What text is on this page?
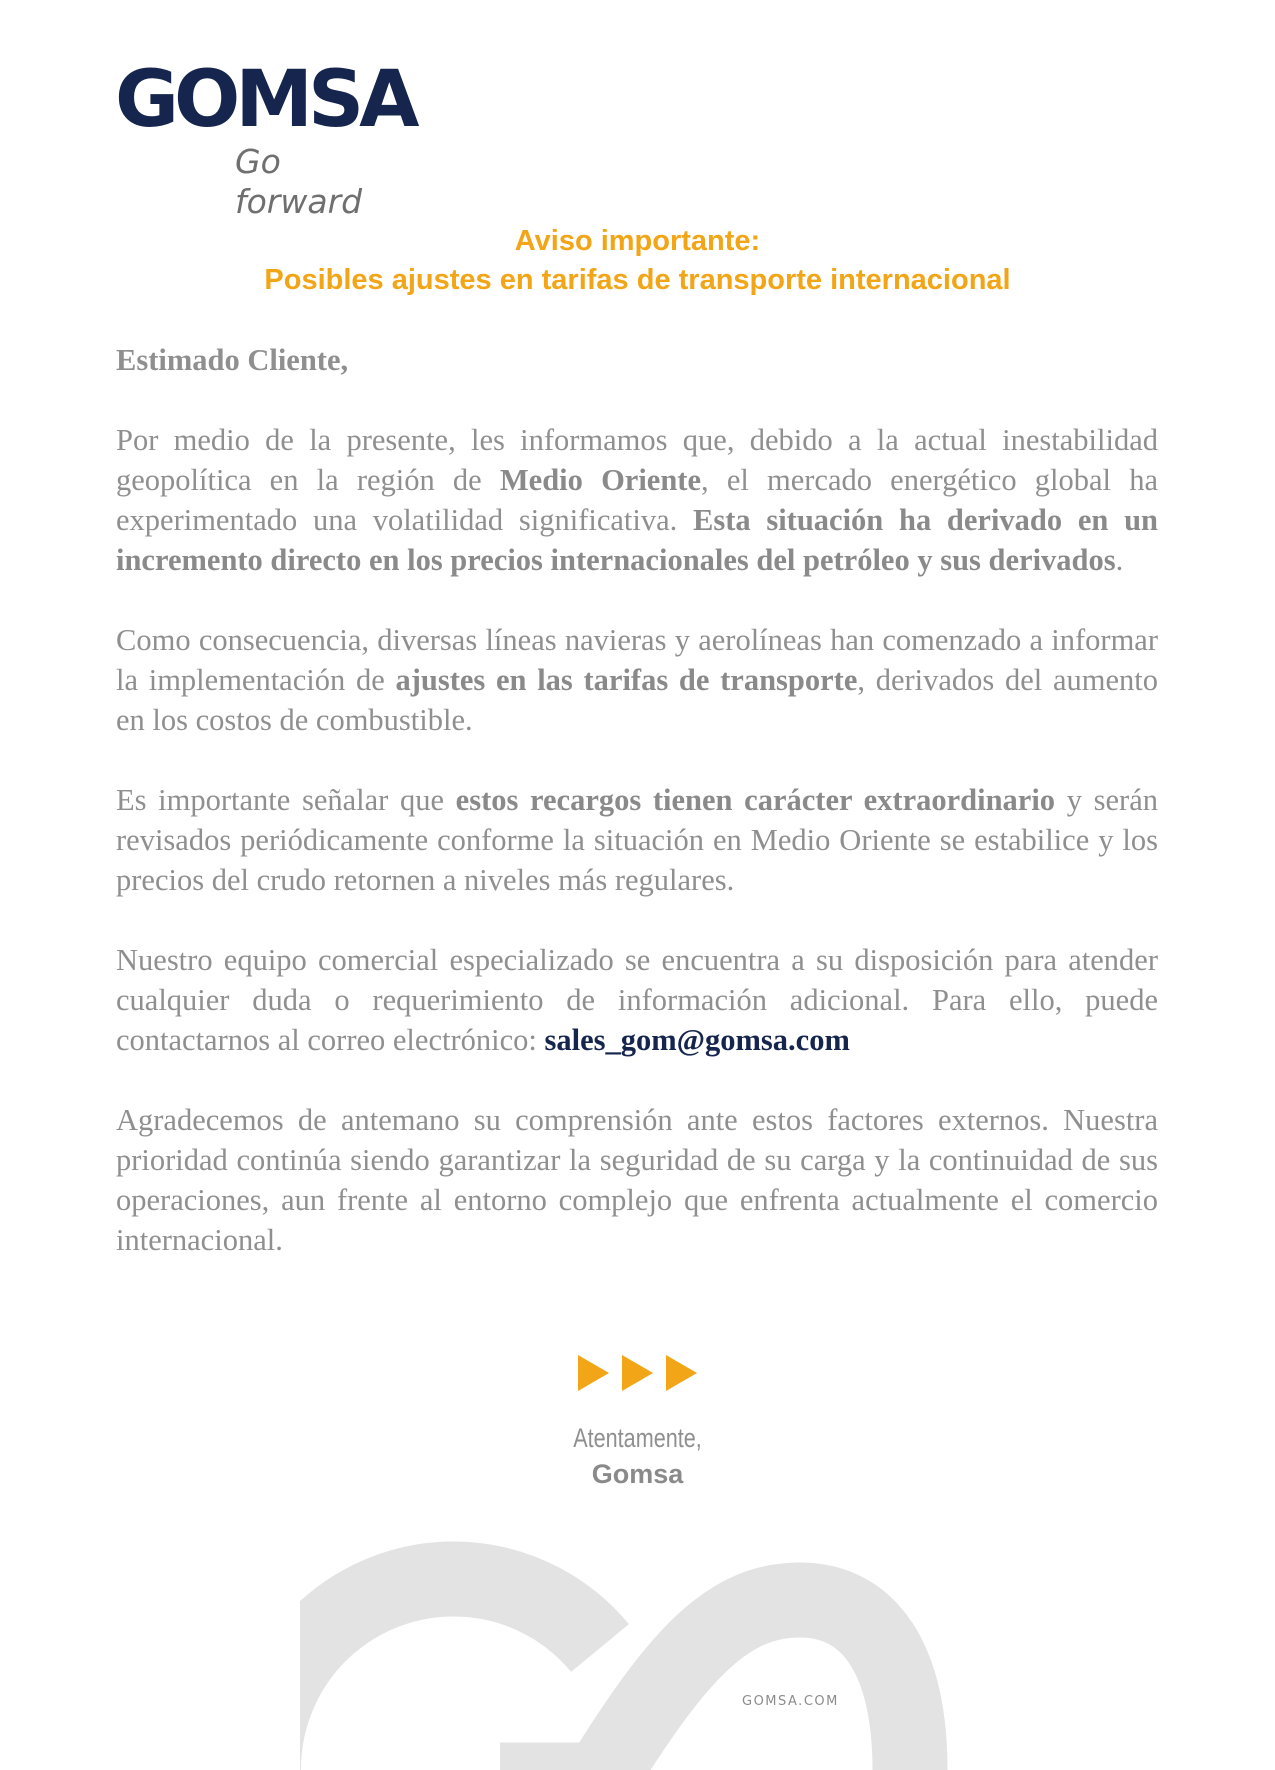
GOMSA
Go forward
Aviso importante:
Posibles ajustes en tarifas de transporte internacional
Estimado Cliente,

Por medio de la presente, les informamos que, debido a la actual inestabilidad geopolítica en la región de Medio Oriente, el mercado energético global ha experimentado una volatilidad significativa. Esta situación ha derivado en un incremento directo en los precios internacionales del petróleo y sus derivados.

Como consecuencia, diversas líneas navieras y aerolíneas han comenzado a informar la implementación de ajustes en las tarifas de transporte, derivados del aumento en los costos de combustible.

Es importante señalar que estos recargos tienen carácter extraordinario y serán revisados periódicamente conforme la situación en Medio Oriente se estabilice y los precios del crudo retornen a niveles más regulares.

Nuestro equipo comercial especializado se encuentra a su disposición para atender cualquier duda o requerimiento de información adicional. Para ello, puede contactarnos al correo electrónico: sales_gom@gomsa.com

Agradecemos de antemano su comprensión ante estos factores externos. Nuestra prioridad continúa siendo garantizar la seguridad de su carga y la continuidad de sus operaciones, aun frente al entorno complejo que enfrenta actualmente el comercio internacional.

Atentamente,
Gomsa
GOMSA.COM
